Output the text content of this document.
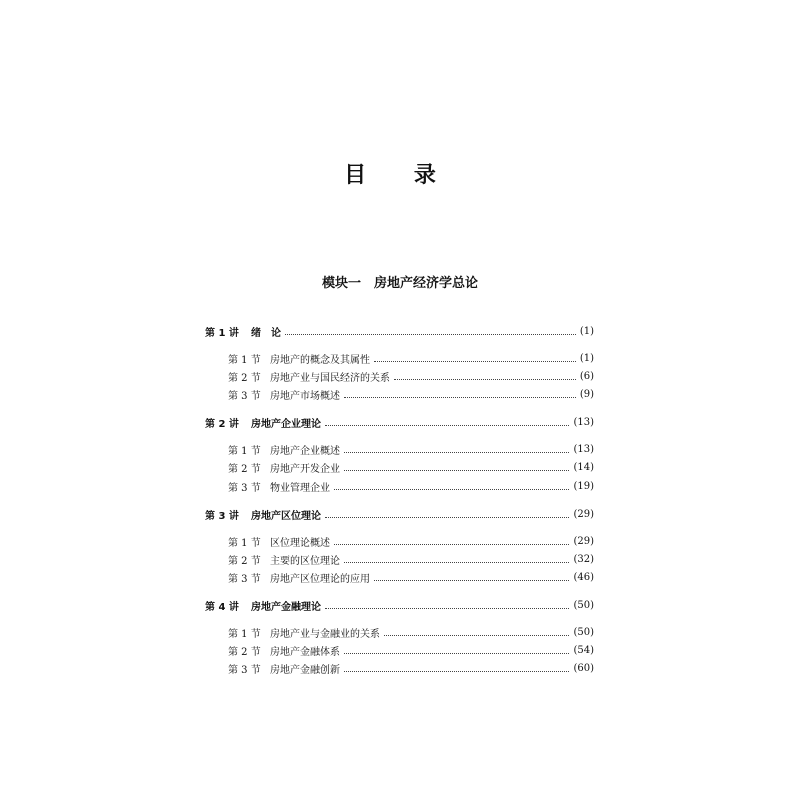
目 录
模块一　房地产经济学总论
第 1 讲	绪　论	(1)
第 1 节 房地产的概念及其属性	(1)
第 2 节 房地产业与国民经济的关系	(6)
第 3 节 房地产市场概述	(9)
第 2 讲	房地产企业理论	(13)
第 1 节 房地产企业概述	(13)
第 2 节 房地产开发企业	(14)
第 3 节 物业管理企业	(19)
第 3 讲	房地产区位理论	(29)
第 1 节 区位理论概述	(29)
第 2 节 主要的区位理论	(32)
第 3 节 房地产区位理论的应用	(46)
第 4 讲	房地产金融理论	(50)
第 1 节 房地产业与金融业的关系	(50)
第 2 节 房地产金融体系	(54)
第 3 节 房地产金融创新	(60)
